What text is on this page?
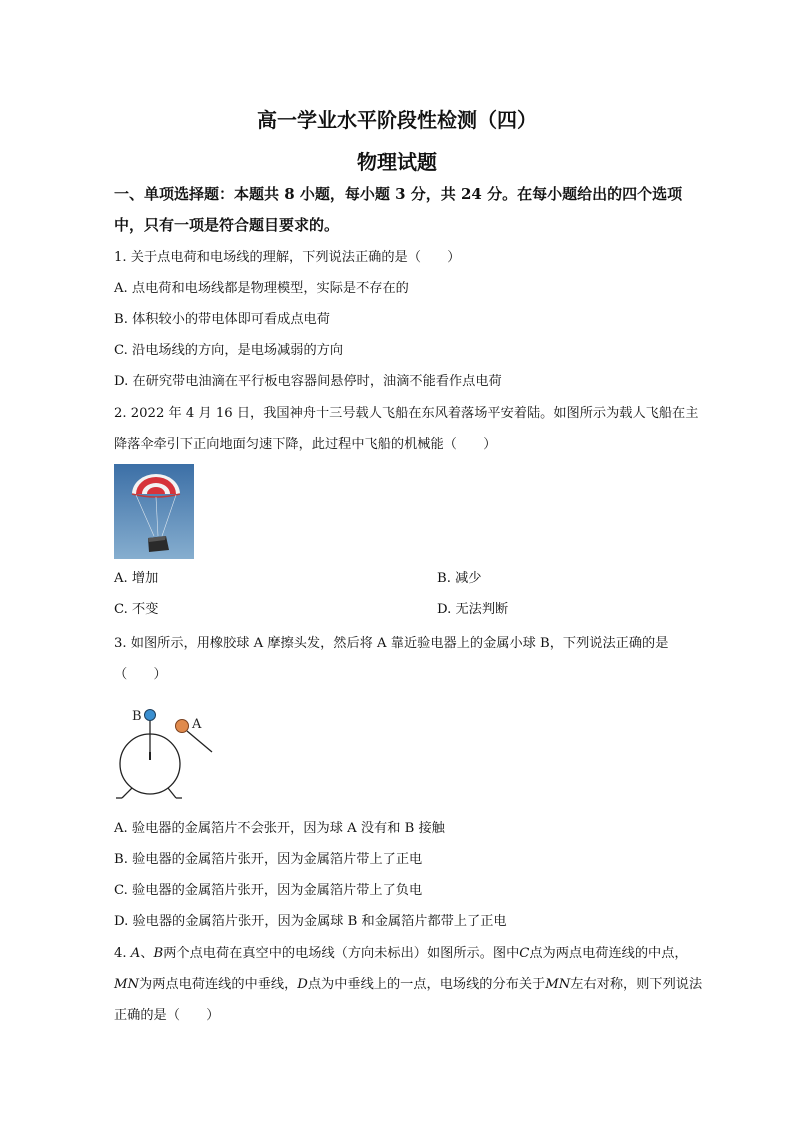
高一学业水平阶段性检测（四）
物理试题
一、单项选择题：本题共 8 小题，每小题 3 分，共 24 分。在每小题给出的四个选项中，只有一项是符合题目要求的。
1. 关于点电荷和电场线的理解，下列说法正确的是（　　）
A. 点电荷和电场线都是物理模型，实际是不存在的
B. 体积较小的带电体即可看成点电荷
C. 沿电场线的方向，是电场减弱的方向
D. 在研究带电油滴在平行板电容器间悬停时，油滴不能看作点电荷
2. 2022 年 4 月 16 日，我国神舟十三号载人飞船在东风着落场平安着陆。如图所示为载人飞船在主降落伞牵引下正向地面匀速下降，此过程中飞船的机械能（　　）
A. 增加	B. 减少
C. 不变	D. 无法判断
3. 如图所示，用橡胶球 A 摩擦头发，然后将 A 靠近验电器上的金属小球 B，下列说法正确的是（　　）
B
A
A. 验电器的金属箔片不会张开，因为球 A 没有和 B 接触
B. 验电器的金属箔片张开，因为金属箔片带上了正电
C. 验电器的金属箔片张开，因为金属箔片带上了负电
D. 验电器的金属箔片张开，因为金属球 B 和金属箔片都带上了正电
4. A、B两个点电荷在真空中的电场线（方向未标出）如图所示。图中C点为两点电荷连线的中点，MN为两点电荷连线的中垂线，D点为中垂线上的一点，电场线的分布关于MN左右对称，则下列说法正确的是（　　）
